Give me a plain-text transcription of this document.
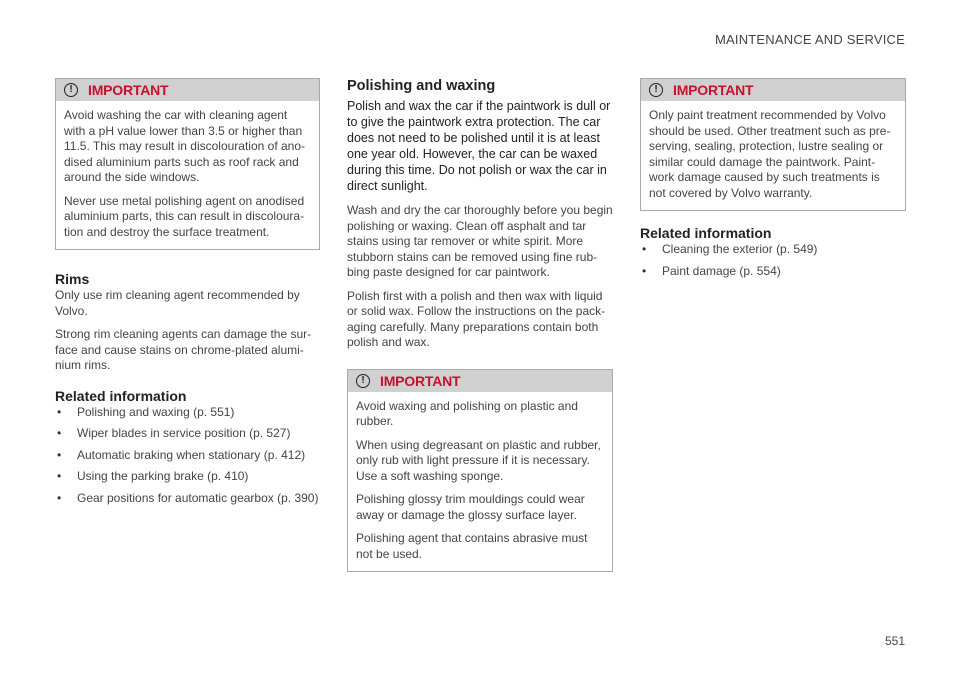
MAINTENANCE AND SERVICE
!	IMPORTANT

Avoid washing the car with cleaning agent with a pH value lower than 3.5 or higher than 11.5. This may result in discolouration of ano-dised aluminium parts such as roof rack and around the side windows.

Never use metal polishing agent on anodised aluminium parts, this can result in discoloura-tion and destroy the surface treatment.

Rims

Only use rim cleaning agent recommended by Volvo.

Strong rim cleaning agents can damage the sur-face and cause stains on chrome-plated alumi-nium rims.

Related information
• Polishing and waxing (p. 551)
• Wiper blades in service position (p. 527)
• Automatic braking when stationary (p. 412)
• Using the parking brake (p. 410)
• Gear positions for automatic gearbox (p. 390)
Polishing and waxing

Polish and wax the car if the paintwork is dull or to give the paintwork extra protection. The car does not need to be polished until it is at least one year old. However, the car can be waxed during this time. Do not polish or wax the car in direct sunlight.

Wash and dry the car thoroughly before you begin polishing or waxing. Clean off asphalt and tar stains using tar remover or white spirit. More stubborn stains can be removed using fine rub-bing paste designed for car paintwork.

Polish first with a polish and then wax with liquid or solid wax. Follow the instructions on the pack-aging carefully. Many preparations contain both polish and wax.

!	IMPORTANT

Avoid waxing and polishing on plastic and rubber.

When using degreasant on plastic and rubber, only rub with light pressure if it is necessary. Use a soft washing sponge.

Polishing glossy trim mouldings could wear away or damage the glossy surface layer.

Polishing agent that contains abrasive must not be used.

!	IMPORTANT

Only paint treatment recommended by Volvo should be used. Other treatment such as pre-serving, sealing, protection, lustre sealing or similar could damage the paintwork. Paint-work damage caused by such treatments is not covered by Volvo warranty.

Related information
• Cleaning the exterior (p. 549)
• Paint damage (p. 554)
551
